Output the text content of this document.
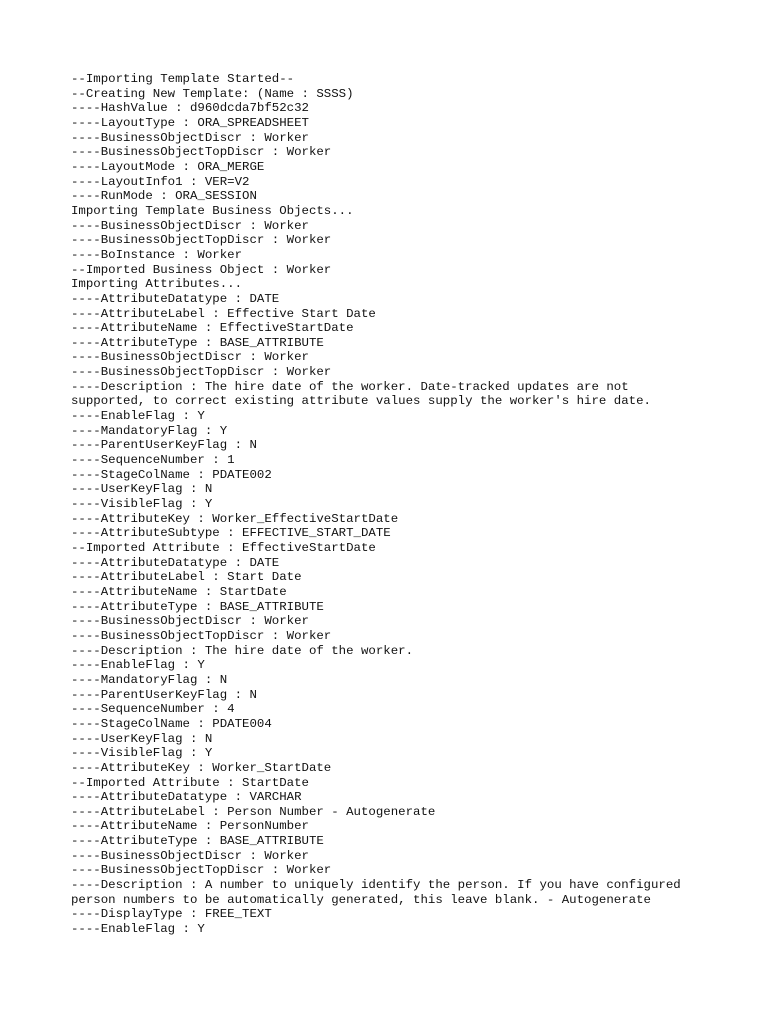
--Importing Template Started--
--Creating New Template: (Name : SSSS)
----HashValue : d960dcda7bf52c32
----LayoutType : ORA_SPREADSHEET
----BusinessObjectDiscr : Worker
----BusinessObjectTopDiscr : Worker
----LayoutMode : ORA_MERGE
----LayoutInfo1 : VER=V2
----RunMode : ORA_SESSION
Importing Template Business Objects...
----BusinessObjectDiscr : Worker
----BusinessObjectTopDiscr : Worker
----BoInstance : Worker
--Imported Business Object : Worker
Importing Attributes...
----AttributeDatatype : DATE
----AttributeLabel : Effective Start Date
----AttributeName : EffectiveStartDate
----AttributeType : BASE_ATTRIBUTE
----BusinessObjectDiscr : Worker
----BusinessObjectTopDiscr : Worker
----Description : The hire date of the worker. Date-tracked updates are not
supported, to correct existing attribute values supply the worker's hire date.
----EnableFlag : Y
----MandatoryFlag : Y
----ParentUserKeyFlag : N
----SequenceNumber : 1
----StageColName : PDATE002
----UserKeyFlag : N
----VisibleFlag : Y
----AttributeKey : Worker_EffectiveStartDate
----AttributeSubtype : EFFECTIVE_START_DATE
--Imported Attribute : EffectiveStartDate
----AttributeDatatype : DATE
----AttributeLabel : Start Date
----AttributeName : StartDate
----AttributeType : BASE_ATTRIBUTE
----BusinessObjectDiscr : Worker
----BusinessObjectTopDiscr : Worker
----Description : The hire date of the worker.
----EnableFlag : Y
----MandatoryFlag : N
----ParentUserKeyFlag : N
----SequenceNumber : 4
----StageColName : PDATE004
----UserKeyFlag : N
----VisibleFlag : Y
----AttributeKey : Worker_StartDate
--Imported Attribute : StartDate
----AttributeDatatype : VARCHAR
----AttributeLabel : Person Number - Autogenerate
----AttributeName : PersonNumber
----AttributeType : BASE_ATTRIBUTE
----BusinessObjectDiscr : Worker
----BusinessObjectTopDiscr : Worker
----Description : A number to uniquely identify the person. If you have configured
person numbers to be automatically generated, this leave blank. - Autogenerate
----DisplayType : FREE_TEXT
----EnableFlag : Y
